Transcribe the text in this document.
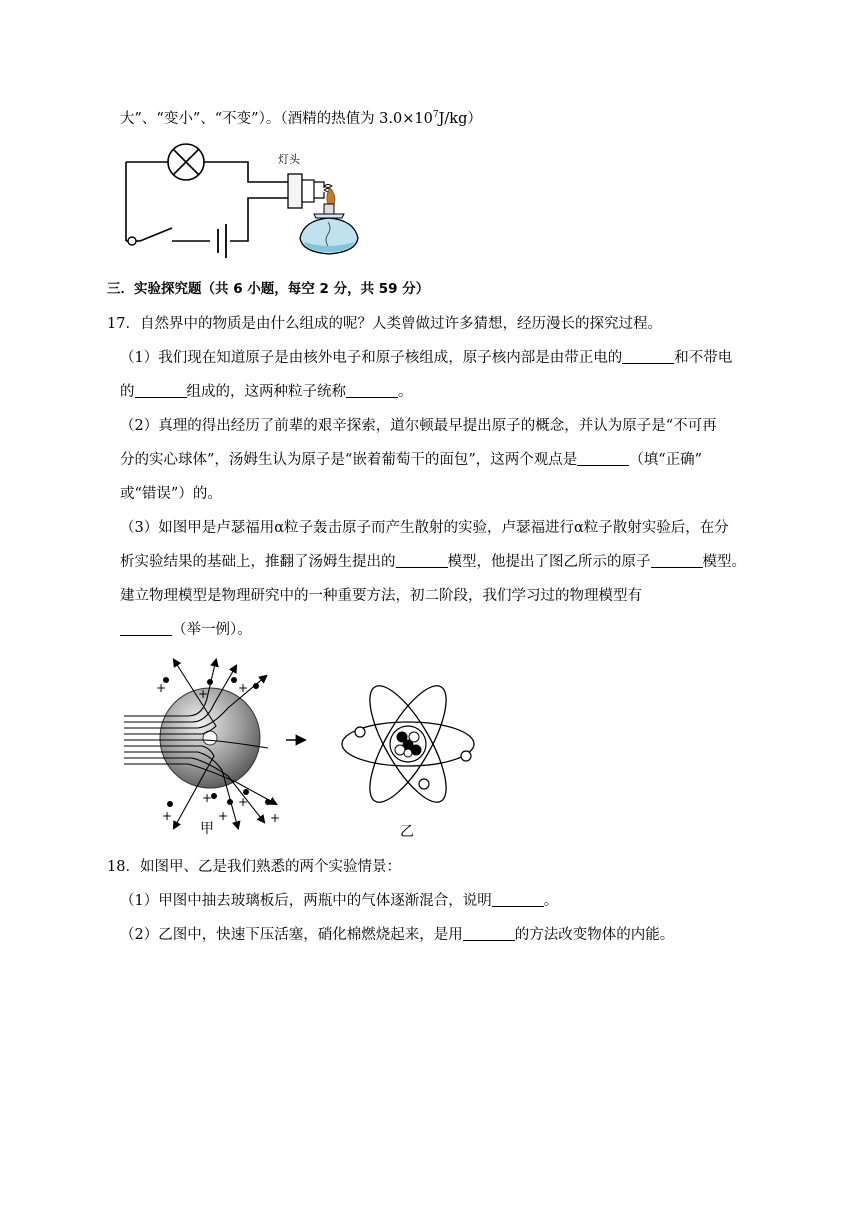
大”、“变小”、“不变”）。（酒精的热值为 $3.0\times 10^7J/kg$）
灯头
三．实验探究题（共 6 小题，每空 2 分，共 59 分）
17．自然界中的物质是由什么组成的呢？人类曾做过许多猜想，经历漫长的探究过程。
（1）我们现在知道原子是由核外电子和原子核组成，原子核内部是由带正电的	和不带电
的	组成的，这两种粒子统称	。
（2）真理的得出经历了前辈的艰辛探索，道尔顿最早提出原子的概念，并认为原子是“不可再
分的实心球体”，汤姆生认为原子是“嵌着葡萄干的面包”，这两个观点是	（填“正确”
或“错误”）的。
（3）如图甲是卢瑟福用α粒子轰击原子而产生散射的实验，卢瑟福进行α粒子散射实验后，在分
析实验结果的基础上，推翻了汤姆生提出的	模型，他提出了图乙所示的原子	模型。
建立物理模型是物理研究中的一种重要方法，初二阶段，我们学习过的物理模型有
（举一例）。
+	+ +
+
+
+
+
+
甲	乙
18．如图甲、乙是我们熟悉的两个实验情景：
（1）甲图中抽去玻璃板后，两瓶中的气体逐渐混合，说明	。
（2）乙图中，快速下压活塞，硝化棉燃烧起来，是用	的方法改变物体的内能。
